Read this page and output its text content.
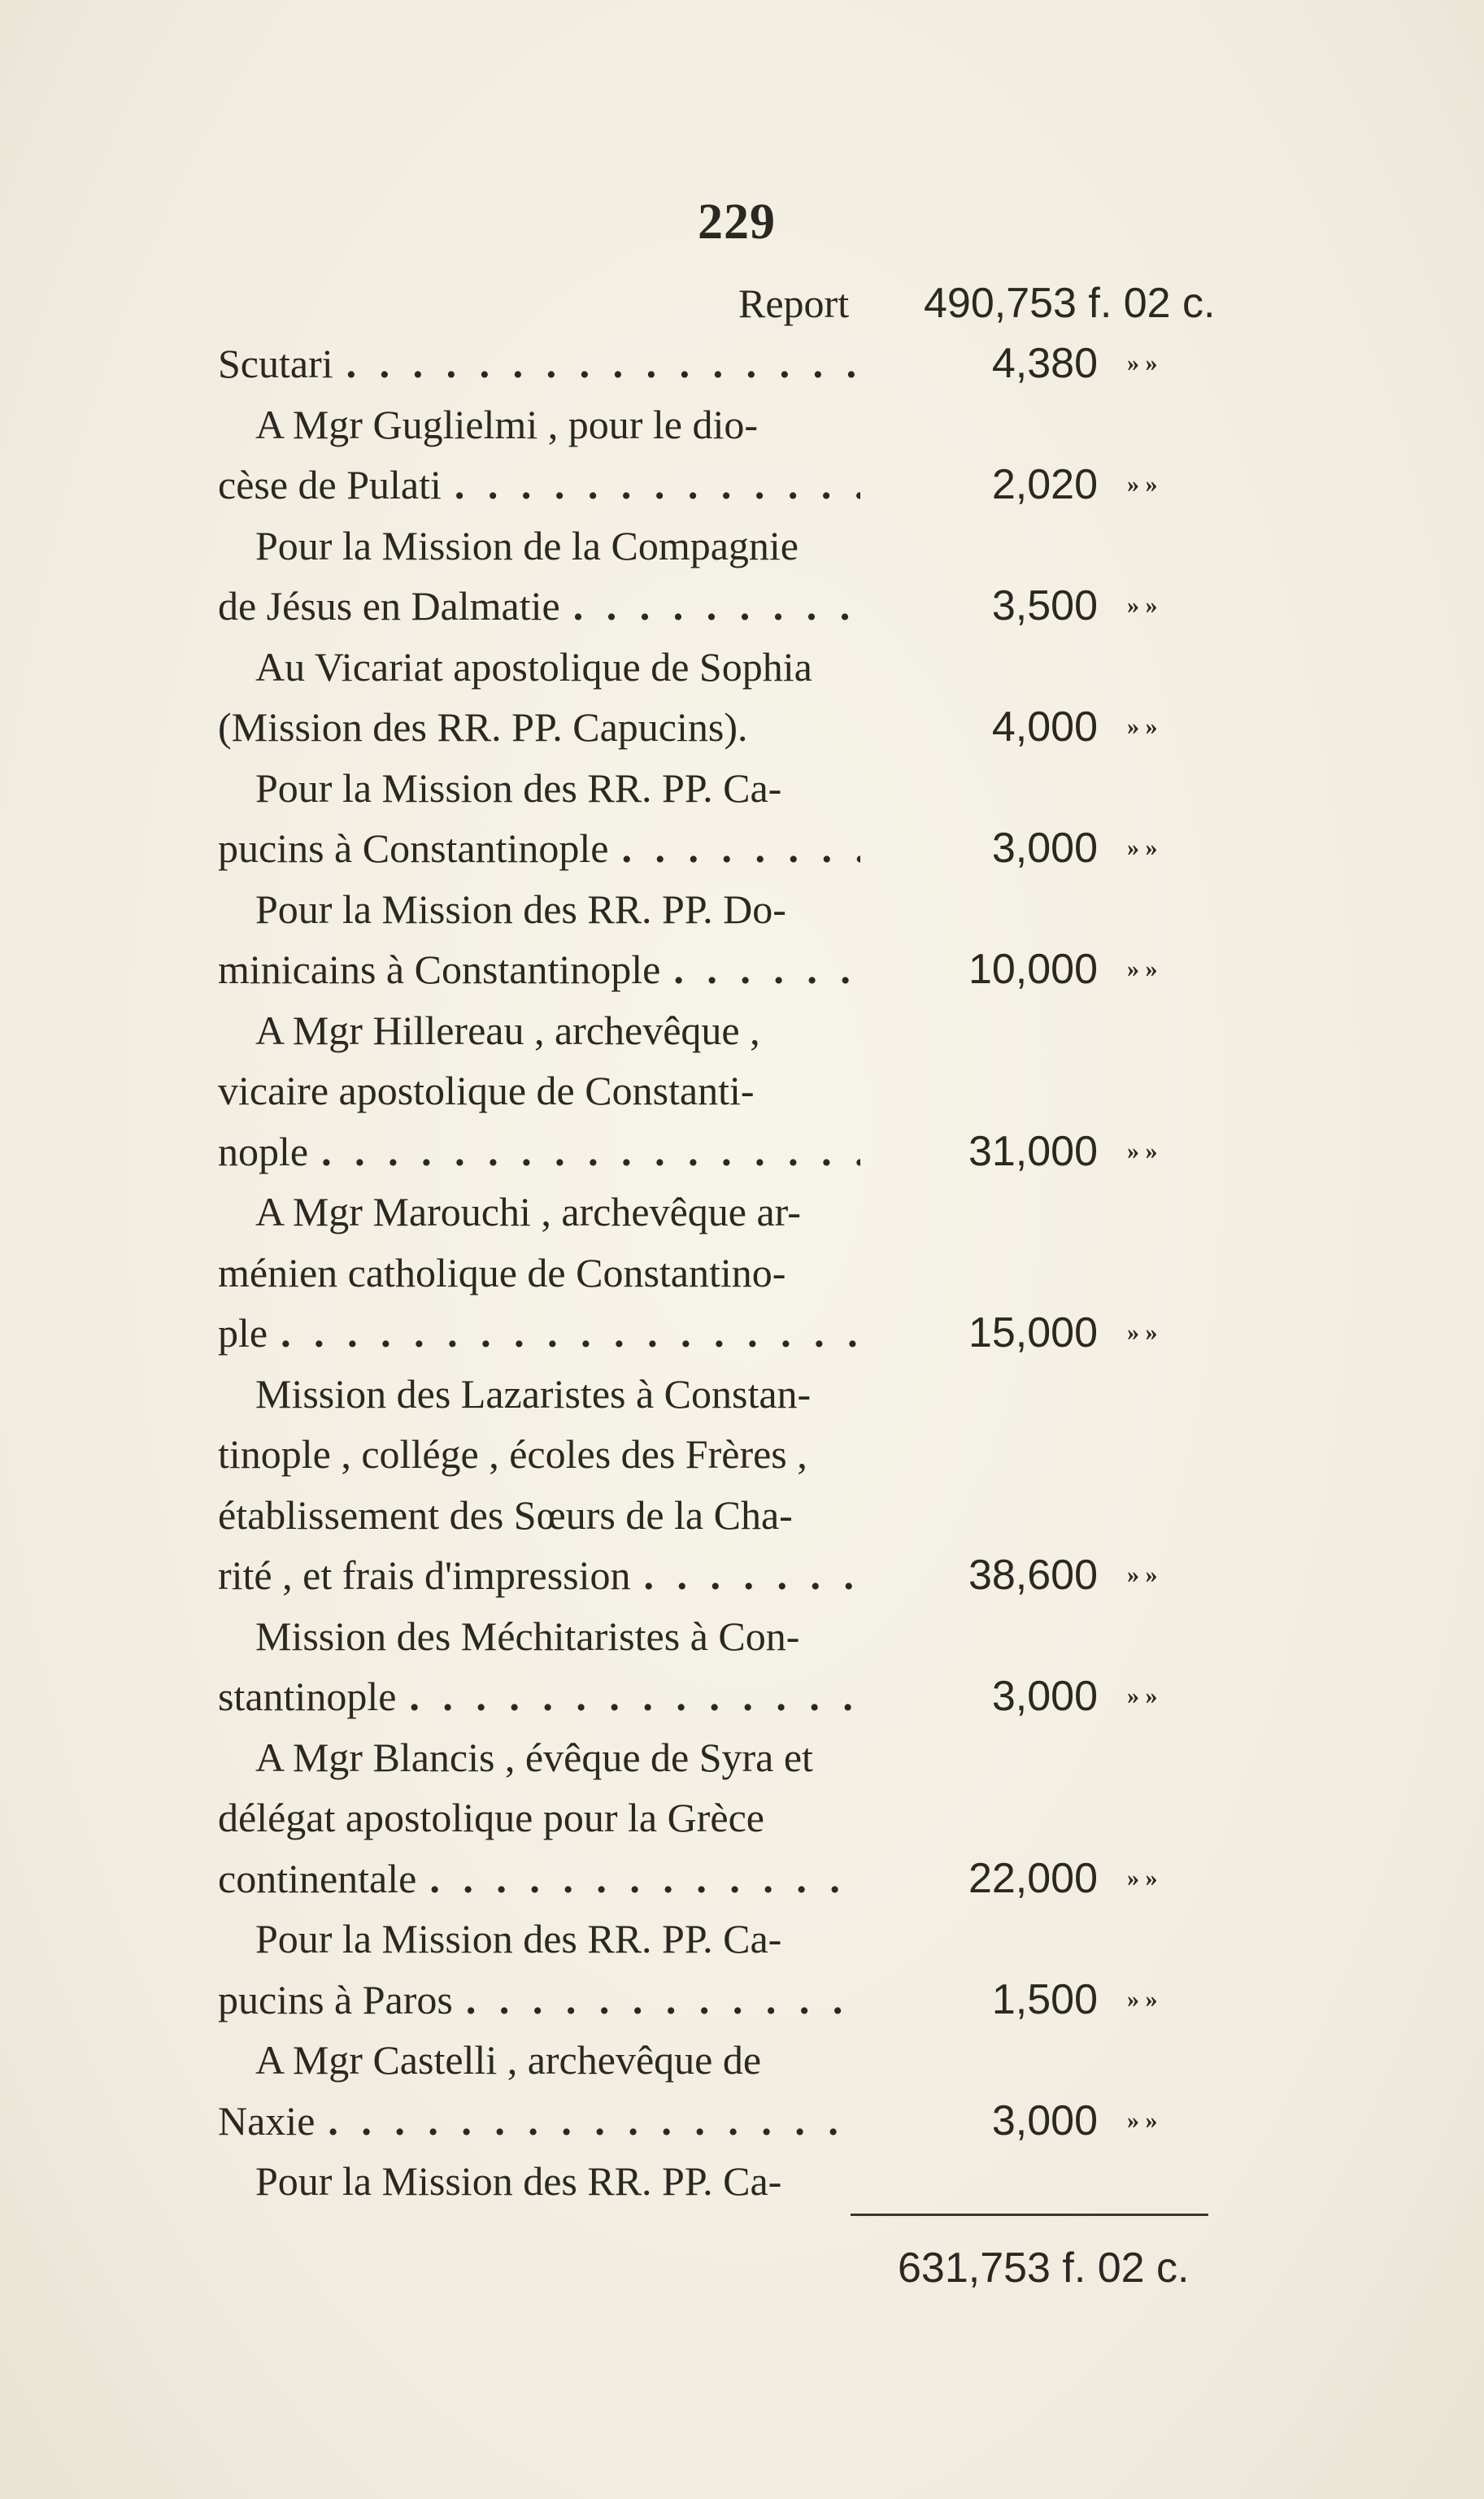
229
Report 490,753 f. 02 c.
Scutari
. . .
A Mgr Guglielmi , pour le dio-
cèse de Pulati
. . .
Pour la Mission de la Compagnie
de Jésus en Dalmatie
. . .
Au Vicariat apostolique de Sophia
(Mission des RR. PP. Capucins).
Pour la Mission des RR. PP. Ca-
pucins à Constantinople
. . .
Pour la Mission des RR. PP. Do-
minicains à Constantinople
. . .
A Mgr Hillereau , archevêque ,
vicaire apostolique de Constanti-
nople
. . .
A Mgr Marouchi , archevêque ar-
ménien catholique de Constantino-
ple
. . .
Mission des Lazaristes à Constan-
tinople , collége , écoles des Frères ,
établissement des Sœurs de la Cha-
rité , et frais d'impression
. . .
Mission des Méchitaristes à Con-
stantinople
. . .
A Mgr Blancis , évêque de Syra et
délégat apostolique pour la Grèce
continentale
. . .
Pour la Mission des RR. PP. Ca-
pucins à Paros
. . .
A Mgr Castelli , archevêque de
Naxie
. . .
Pour la Mission des RR. PP. Ca-
4,380 » »
2,020 » »
3,500 » »
4,000 » »
3,000 » »
10,000 » »
31,000 » »
15,000 » »
38,600 » »
3,000 » »
22,000 » »
1,500 » »
3,000 » »
631,753 f. 02 c.
